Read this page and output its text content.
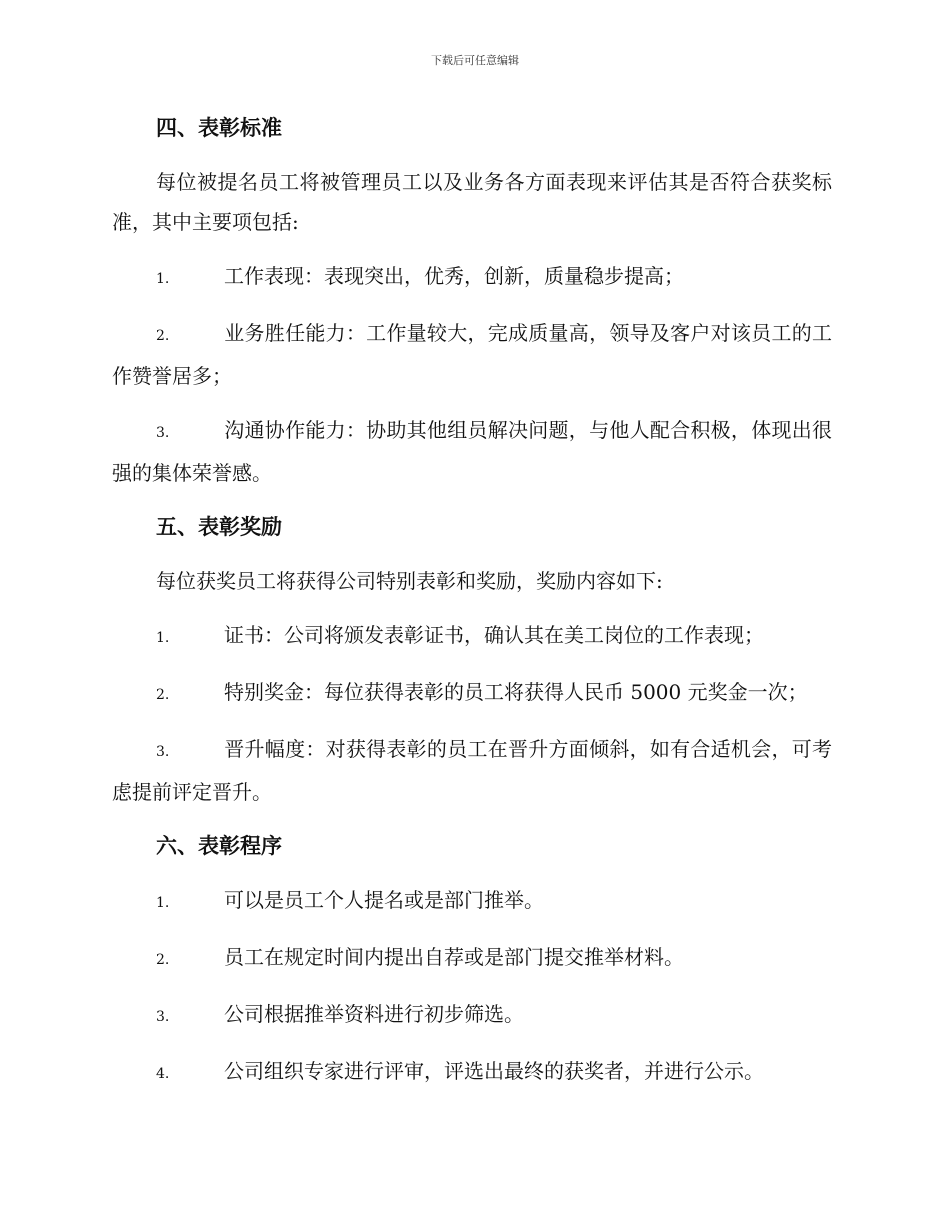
下载后可任意编辑
四、表彰标准
每位被提名员工将被管理员工以及业务各方面表现来评估其是否符合获奖标准，其中主要项包括:
1.	工作表现：表现突出，优秀，创新，质量稳步提高；
2.	业务胜任能力：工作量较大，完成质量高，领导及客户对该员工的工作赞誉居多；
3.	沟通协作能力：协助其他组员解决问题，与他人配合积极，体现出很强的集体荣誉感。
五、表彰奖励
每位获奖员工将获得公司特别表彰和奖励，奖励内容如下:
1.	证书：公司将颁发表彰证书，确认其在美工岗位的工作表现；
2.	特别奖金：每位获得表彰的员工将获得人民币 5000 元奖金一次；
3.	晋升幅度：对获得表彰的员工在晋升方面倾斜，如有合适机会，可考虑提前评定晋升。
六、表彰程序
1.	可以是员工个人提名或是部门推举。
2.	员工在规定时间内提出自荐或是部门提交推举材料。
3.	公司根据推举资料进行初步筛选。
4.	公司组织专家进行评审，评选出最终的获奖者，并进行公示。
